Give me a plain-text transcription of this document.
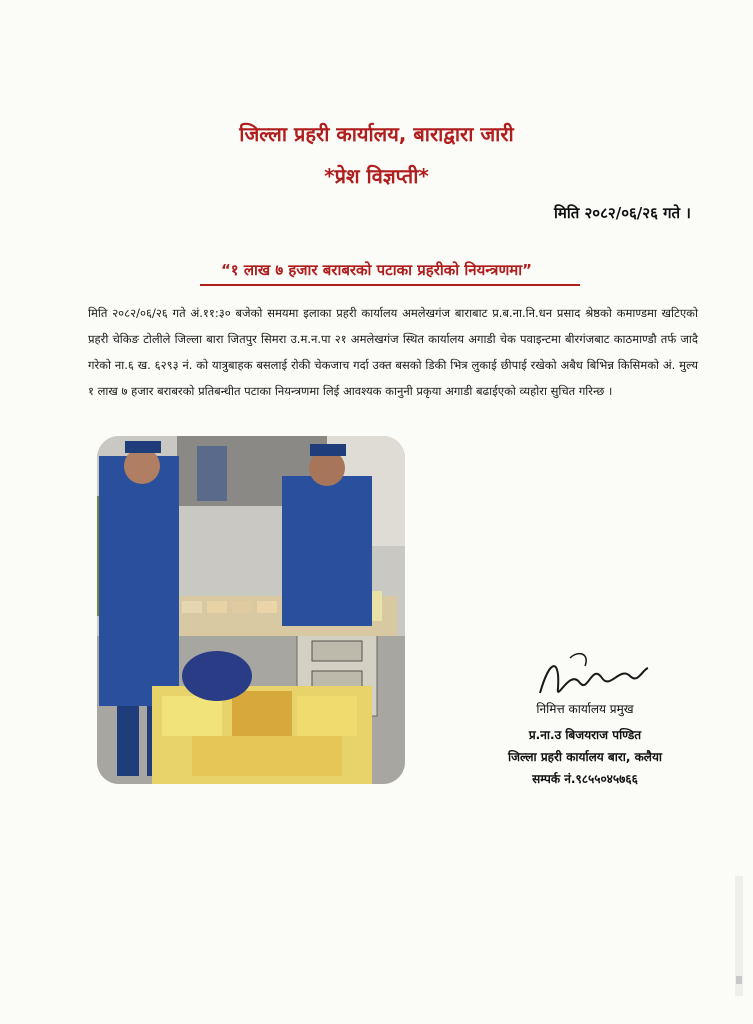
जिल्ला प्रहरी कार्यालय, बाराद्वारा जारी
*प्रेश विज्ञप्ती*
मिति २०८२/०६/२६ गते ।
“१ लाख ७ हजार बराबरको पटाका प्रहरीको नियन्त्रणमा”
मिति २०८२/०६/२६ गते अं.११:३० बजेको समयमा इलाका प्रहरी कार्यालय अमलेखगंज बाराबाट प्र.ब.ना.नि.धन प्रसाद श्रेष्ठको कमाण्डमा खटिएको प्रहरी चेकिङ टोलीले जिल्ला बारा जितपुर सिमरा उ.म.न.पा २१ अमलेखगंज स्थित कार्यालय अगाडी चेक पवाइन्टमा बीरगंजबाट काठमाण्डौ तर्फ जादै गरेको ना.६ ख. ६२९३ नं. को यात्रुबाहक बसलाई रोकी चेकजाच गर्दा उक्त बसको डिकी भित्र लुकाई छीपाई रखेको अबैध बिभिन्न किसिमको अं. मुल्य १ लाख ७ हजार बराबरको प्रतिबन्धीत पटाका नियन्त्रणमा लिई आवश्यक कानुनी प्रकृया अगाडी बढाईएको व्यहोरा सुचित गरिन्छ ।
निमित्त कार्यालय प्रमुख
प्र.ना.उ बिजयराज पण्डित
जिल्ला प्रहरी कार्यालय बारा, कलैया
सम्पर्क नं.९८५५०४५७६६
